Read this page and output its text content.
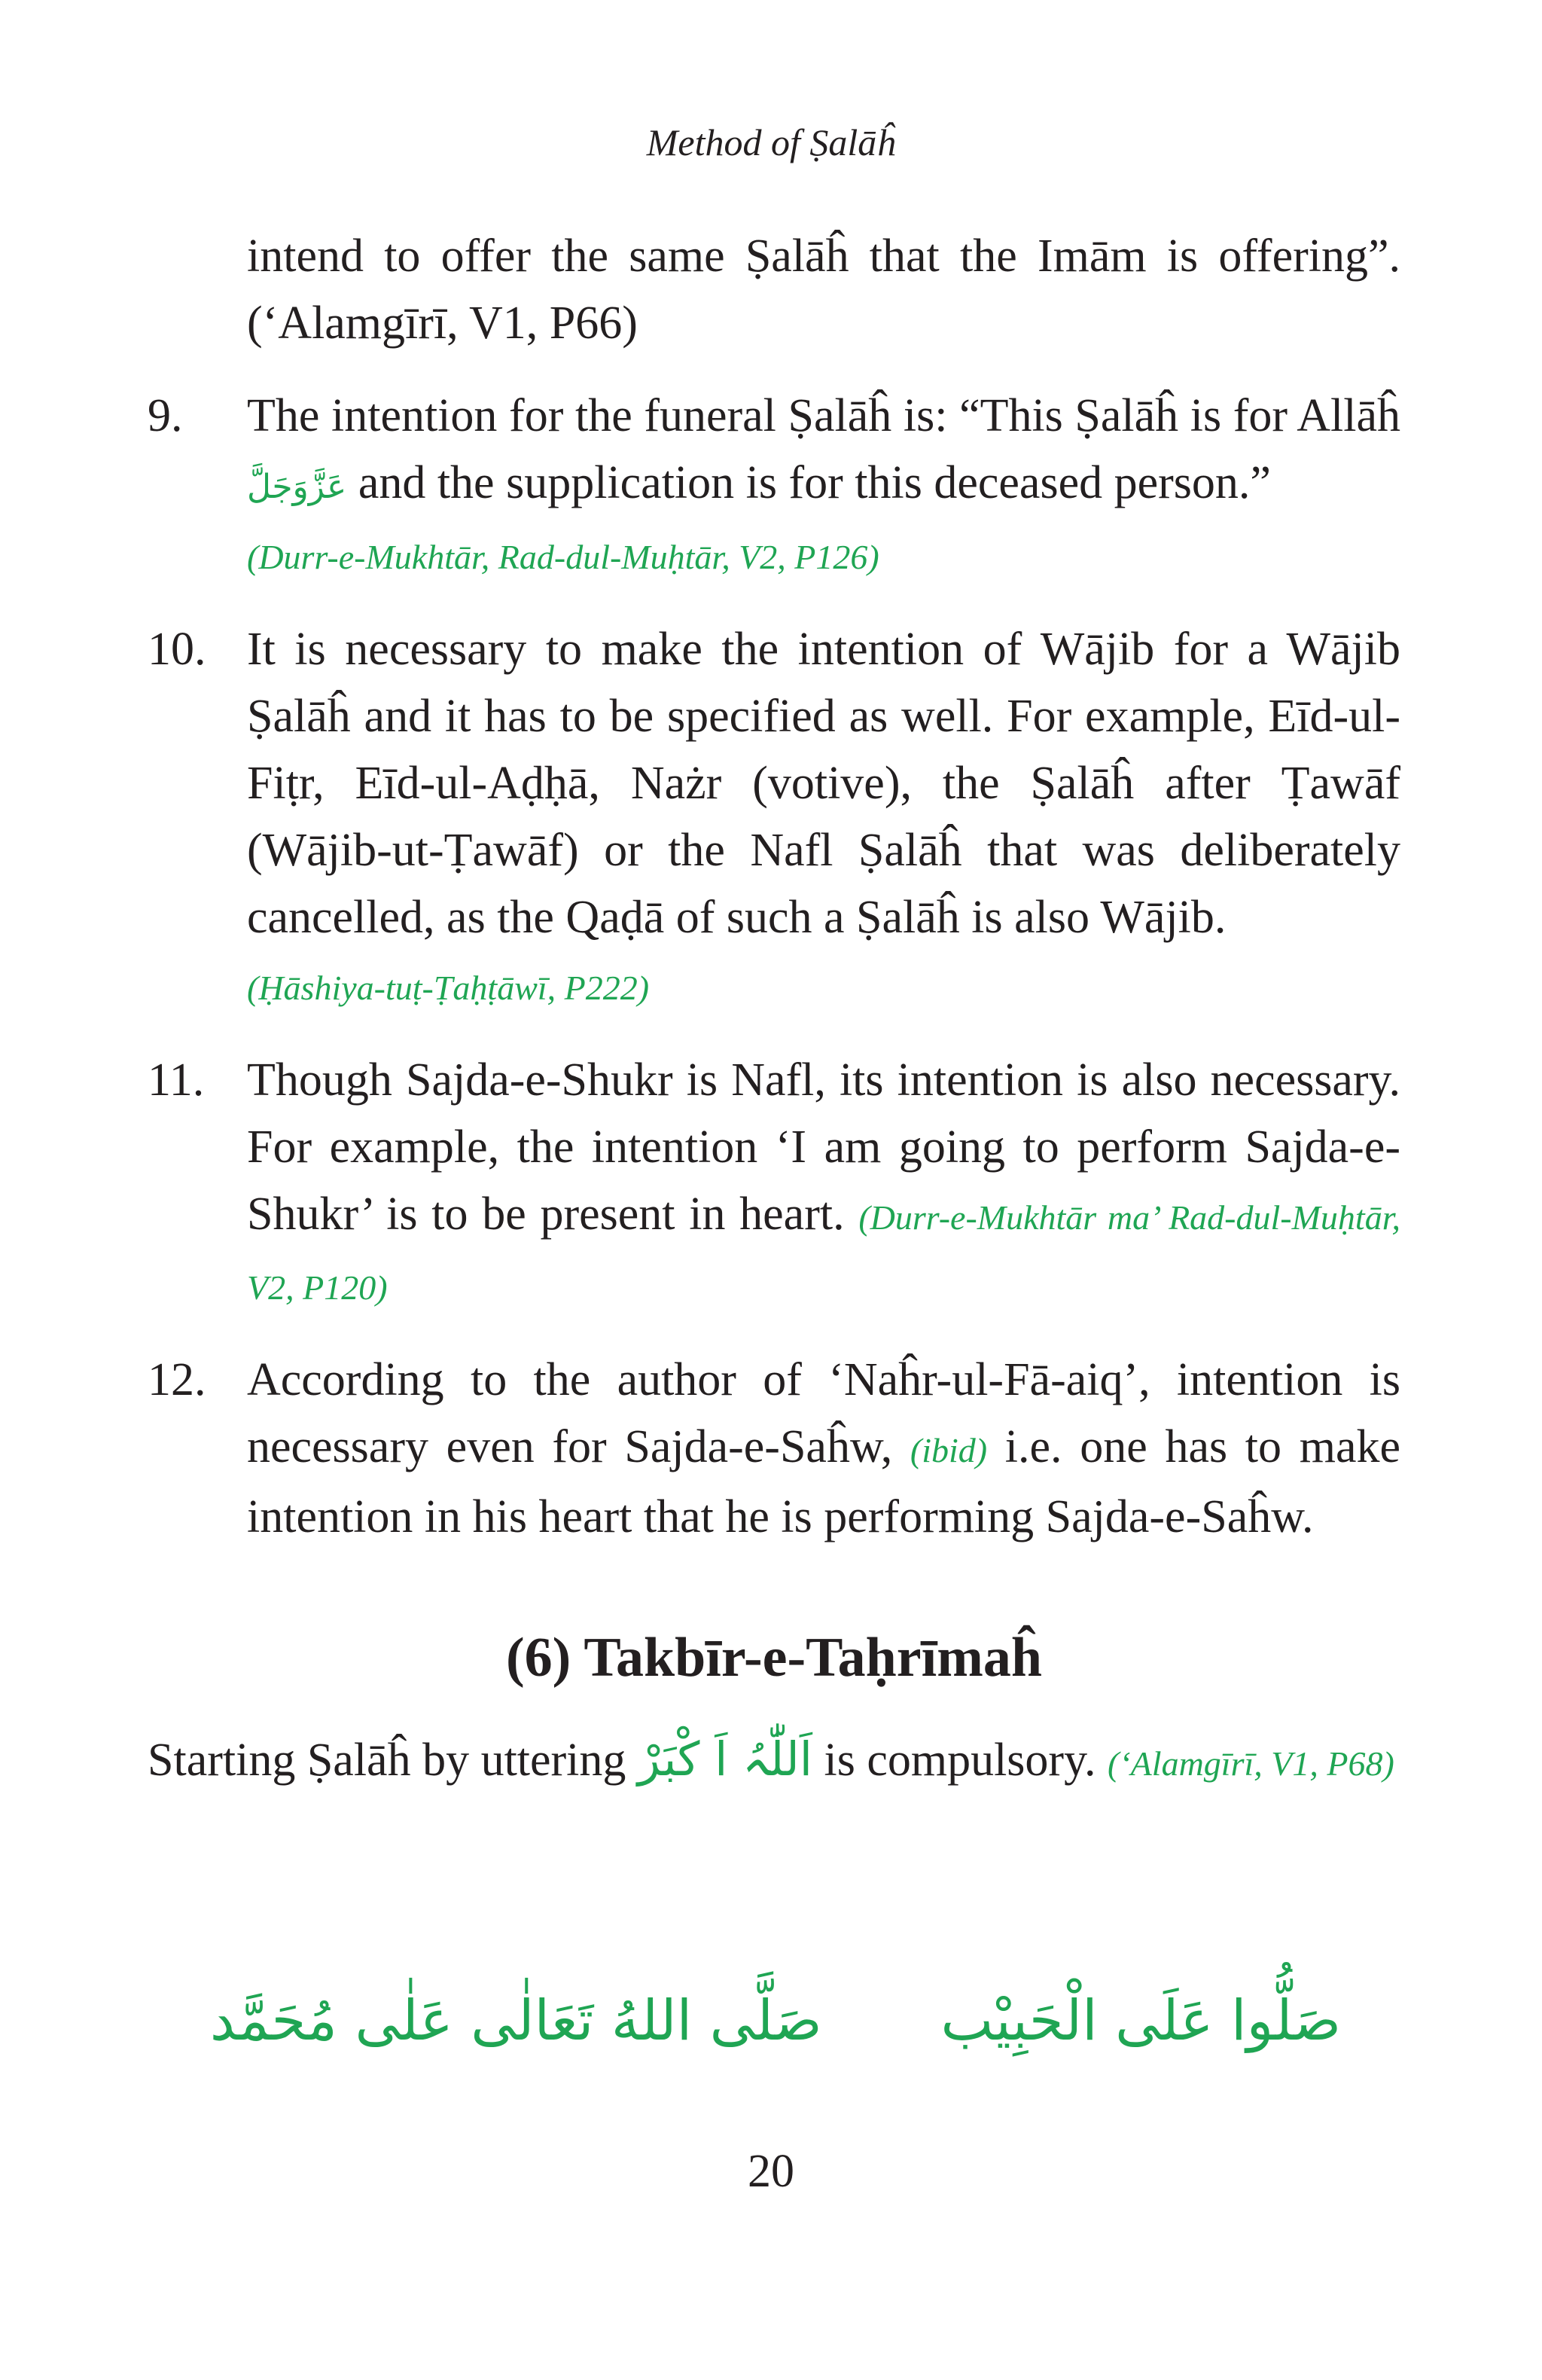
Method of Ṣalāĥ
intend to offer the same Ṣalāĥ that the Imām is offering”. (‘Alamgīrī, V1, P66)
9.	The intention for the funeral Ṣalāĥ is: “This Ṣalāĥ is for Allāĥ عَزَّوَجَلَّ and the supplication is for this deceased person.”
(Durr-e-Mukhtār, Rad-dul-Muḥtār, V2, P126)
10. It is necessary to make the intention of Wājib for a Wājib Ṣalāĥ and it has to be specified as well. For example, Eīd-ul-Fiṭr, Eīd-ul-Aḍḥā, Nażr (votive), the Ṣalāĥ after Ṭawāf (Wājib-ut-Ṭawāf) or the Nafl Ṣalāĥ that was deliberately cancelled, as the Qaḍā of such a Ṣalāĥ is also Wājib.
(Ḥāshiya-tuṭ-Ṭaḥṭāwī, P222)
11. Though Sajda-e-Shukr is Nafl, its intention is also necessary. For example, the intention ‘I am going to perform Sajda-e-Shukr’ is to be present in heart. (Durr-e-Mukhtār ma’ Rad-dul-Muḥtār, V2, P120)
12. According to the author of ‘Naĥr-ul-Fā-aiq’, intention is necessary even for Sajda-e-Saĥw, (ibid) i.e. one has to make intention in his heart that he is performing Sajda-e-Saĥw.
(6) Takbīr-e-Taḥrīmaĥ
Starting Ṣalāĥ by uttering اَللّٰہُ اَ کْبَرْ is compulsory. (‘Alamgīrī, V1, P68)
صَلُّوا عَلَى الْحَبِيْب
صَلَّى اللهُ تَعَالٰى عَلٰى مُحَمَّد
20
